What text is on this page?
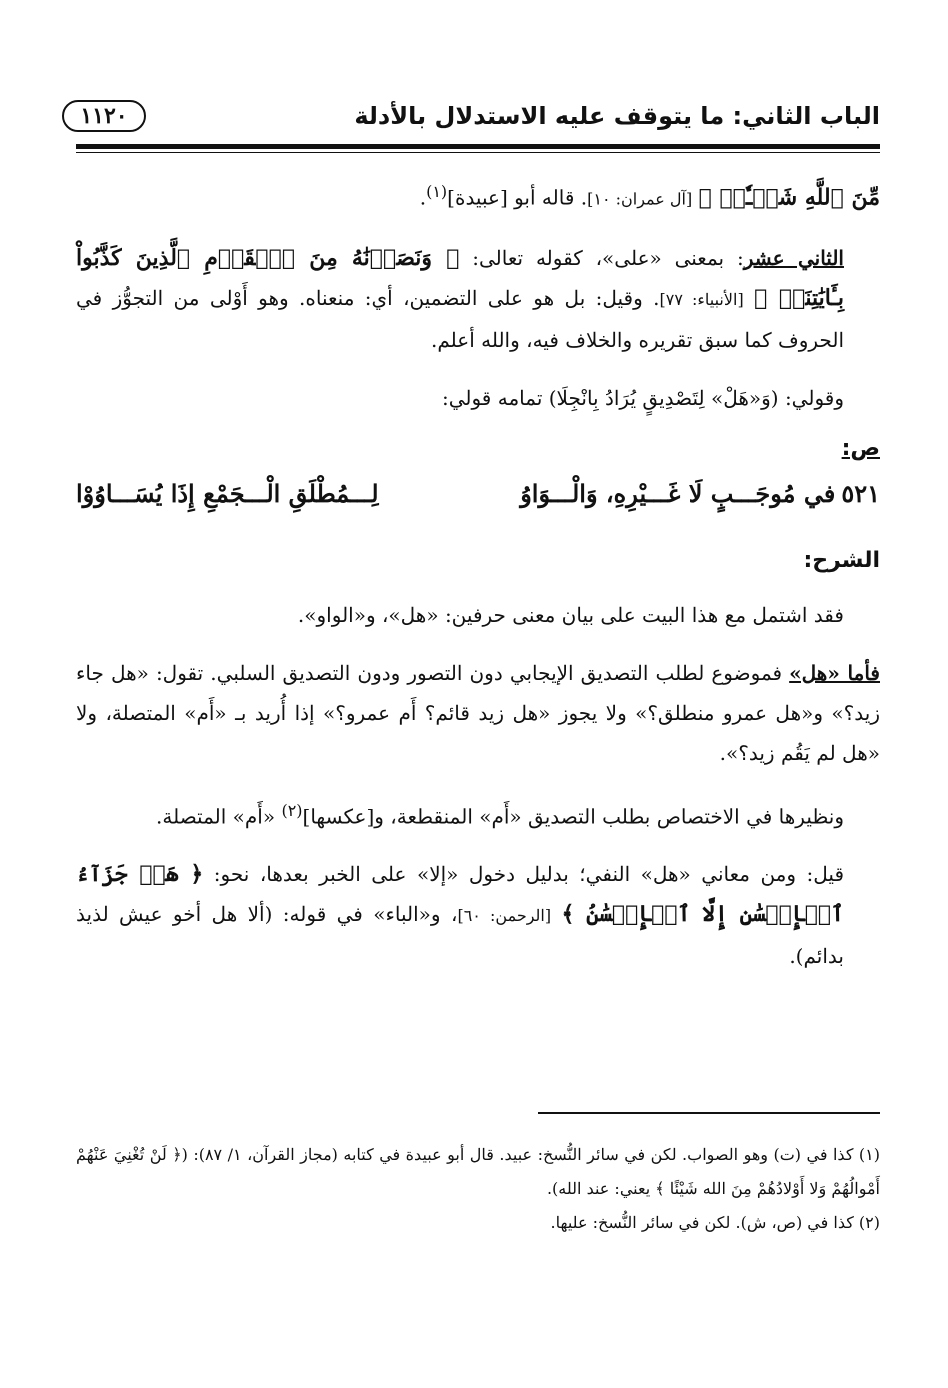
الباب الثاني: ما يتوقف عليه الاستدلال بالأدلة
١١٢٠

مِّنَ ٱللَّهِ شَيۡـٔٗاۖ ﴾ [آل عمران: ١٠]. قاله أبو [عبيدة]$^{(١)}$.

الثاني عشر: بمعنى «على»، كقوله تعالى: ﴿ وَنَصَرۡنَٰهُ مِنَ ٱلۡقَوۡمِ ٱلَّذِينَ كَذَّبُواْ بِـَٔايَٰتِنَآۚ ﴾ [الأنبياء: ٧٧]. وقيل: بل هو على التضمين، أي: منعناه. وهو أَوْلى من التجوُّز في الحروف كما سبق تقريره والخلاف فيه، والله أعلم.

وقولي: (وَ«هَلْ» لِتَصْدِيقٍ يُرَادُ بِانْجِلَا) تمامه قولي:

ص:
٥٢١في مُوجَـــبٍ لَا غَـــيْرِهِ، وَالْـــوَاوُ
لِـــمُطْلَقِ الْـــجَمْعِ إِذَا يُسَـــاوُوْا
الشرح:

فقد اشتمل مع هذا البيت على بيان معنى حرفين: «هل»، و«الواو».

فأما «هل» فموضوع لطلب التصديق الإيجابي دون التصور ودون التصديق السلبي. تقول: «هل جاء زيد؟» و«هل عمرو منطلق؟» ولا يجوز «هل زيد قائم؟ أَم عمرو؟» إذا أُريد بـ «أَم» المتصلة، ولا «هل لم يَقُم زيد؟».

ونظيرها في الاختصاص بطلب التصديق «أَم» المنقطعة، و[عكسها]$^{(٢)}$ «أَم» المتصلة.

قيل: ومن معاني «هل» النفي؛ بدليل دخول «إلا» على الخبر بعدها، نحو: ﴿ هَلۡ جَزَآءُ ٱلۡإِحۡسَٰنِ إِلَّا ٱلۡإِحۡسَٰنُ ﴾ [الرحمن: ٦٠]، و«الباء» في قوله: (ألا هل أخو عيش لذيذ بدائم).

(١) كذا في (ت) وهو الصواب. لكن في سائر النُّسخ: عبيد. قال أبو عبيدة في كتابه (مجاز القرآن، ١/ ٨٧): (﴿ لَنْ تُغْنِيَ عَنْهُمْ أَمْوالُهُمْ وَلا أَوْلادُهُمْ مِنَ الله شَيْئًا ﴾ يعني: عند الله).

(٢) كذا في (ص، ش). لكن في سائر النُّسخ: عليها.
